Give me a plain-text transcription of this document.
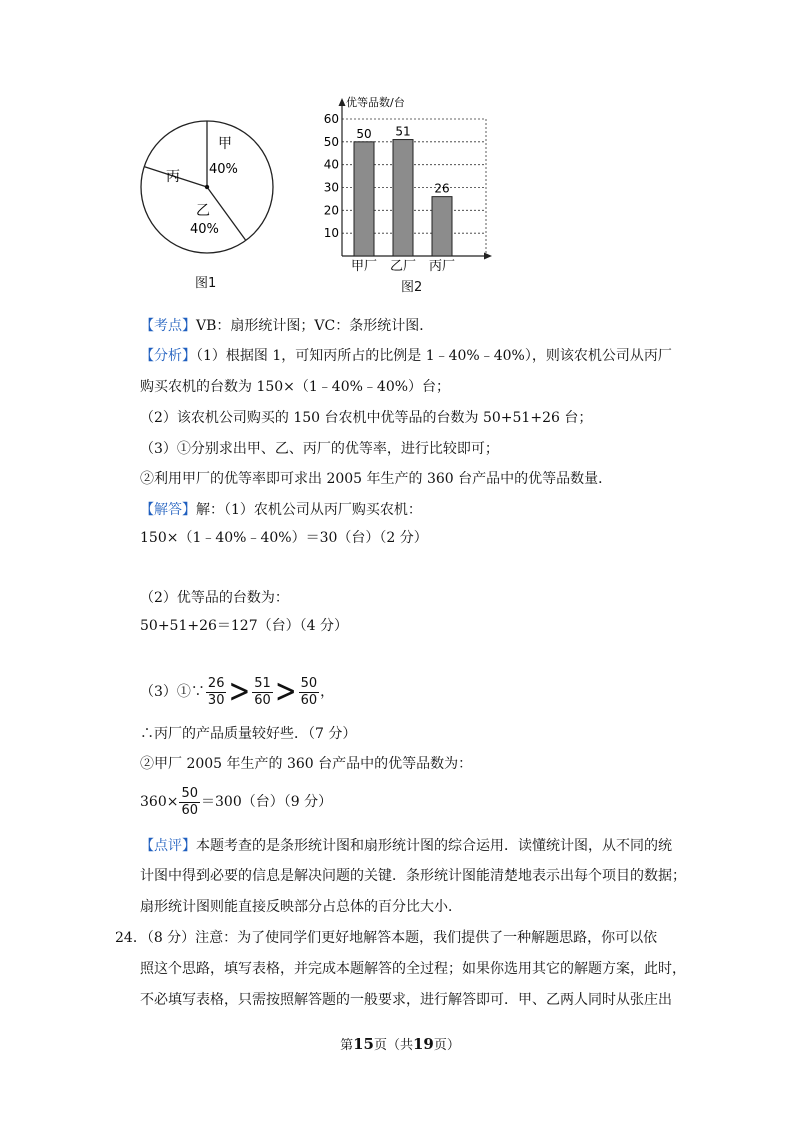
甲
40%
乙
40%
丙
图1
优等品数/台
10
20
30
40
50
60
50
甲厂
51
乙厂
26
丙厂
图2
【考点】VB：扇形统计图；VC：条形统计图．
【分析】（1）根据图 1，可知丙所占的比例是 1﹣40%﹣40%），则该农机公司从丙厂
购买农机的台数为 150×（1﹣40%﹣40%）台；
（2）该农机公司购买的 150 台农机中优等品的台数为 50+51+26 台；
（3）①分别求出甲、乙、丙厂的优等率，进行比较即可；
②利用甲厂的优等率即可求出 2005 年生产的 360 台产品中的优等品数量．
【解答】解：（1）农机公司从丙厂购买农机：
150×（1﹣40%﹣40%）＝30（台）（2 分）
（2）优等品的台数为：
50+51+26＝127（台）（4 分）
（3）①∵ $\frac{26}{30} > \frac{51}{60} > \frac{50}{60}$ ，
∴丙厂的产品质量较好些．（7 分）
②甲厂 2005 年生产的 360 台产品中的优等品数为：
$360\times \frac{50}{60} =300$（台）（9 分）
【点评】本题考查的是条形统计图和扇形统计图的综合运用．读懂统计图，从不同的统
计图中得到必要的信息是解决问题的关键．条形统计图能清楚地表示出每个项目的数据；
扇形统计图则能直接反映部分占总体的百分比大小．
24．（8 分）注意：为了使同学们更好地解答本题，我们提供了一种解题思路，你可以依
照这个思路，填写表格，并完成本题解答的全过程；如果你选用其它的解题方案，此时，
不必填写表格，只需按照解答题的一般要求，进行解答即可．甲、乙两人同时从张庄出
第15页（共19页）
